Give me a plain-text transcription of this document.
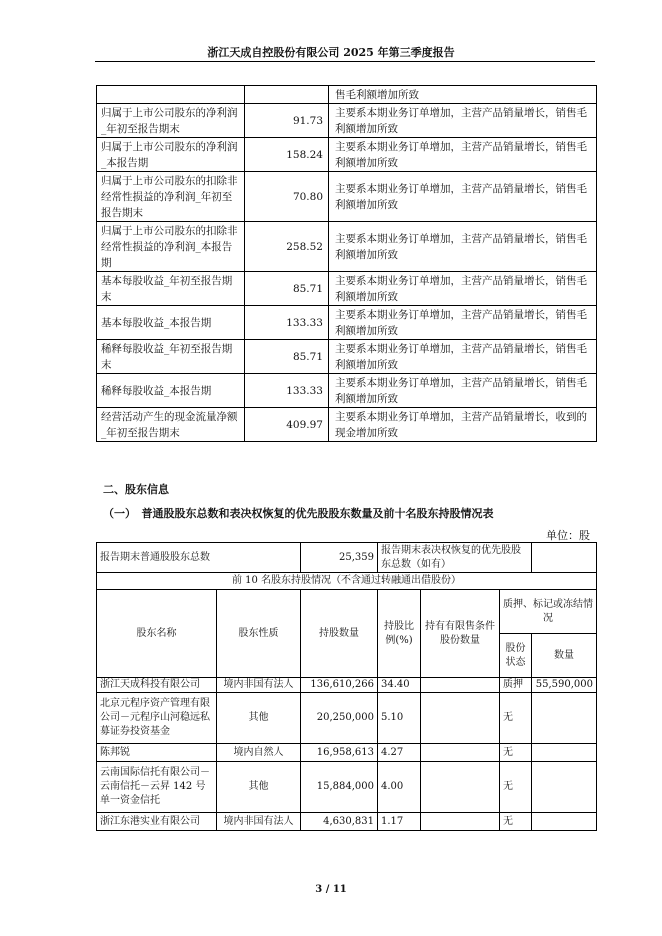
浙江天成自控股份有限公司 2025 年第三季度报告
		售毛利额增加所致
归属于上市公司股东的净利润_年初至报告期末	91.73	主要系本期业务订单增加，主营产品销量增长，销售毛利额增加所致
归属于上市公司股东的净利润_本报告期	158.24	主要系本期业务订单增加，主营产品销量增长，销售毛利额增加所致
归属于上市公司股东的扣除非经常性损益的净利润_年初至报告期末	70.80	主要系本期业务订单增加，主营产品销量增长，销售毛利额增加所致
归属于上市公司股东的扣除非经常性损益的净利润_本报告期	258.52	主要系本期业务订单增加，主营产品销量增长，销售毛利额增加所致
基本每股收益_年初至报告期末	85.71	主要系本期业务订单增加，主营产品销量增长，销售毛利额增加所致
基本每股收益_本报告期	133.33	主要系本期业务订单增加，主营产品销量增长，销售毛利额增加所致
稀释每股收益_年初至报告期末	85.71	主要系本期业务订单增加，主营产品销量增长，销售毛利额增加所致
稀释每股收益_本报告期	133.33	主要系本期业务订单增加，主营产品销量增长，销售毛利额增加所致
经营活动产生的现金流量净额_年初至报告期末	409.97	主要系本期业务订单增加，主营产品销量增长，收到的现金增加所致
二、股东信息
（一）　普通股股东总数和表决权恢复的优先股股东数量及前十名股东持股情况表
单位：股
报告期末普通股股东总数		25,359	报告期末表决权恢复的优先股股东总数（如有）			
前 10 名股东持股情况（不含通过转融通出借股份）						
股东名称	股东性质	持股数量	持股比例(%)	持有有限售条件股份数量	质押、标记或冻结情况	
					股份状态	数量
浙江天成科投有限公司	境内非国有法人	136,610,266	34.40		质押	55,590,000
北京元程序资产管理有限公司－元程序山河稳远私募证券投资基金	其他	20,250,000	5.10		无	
陈邦锐	境内自然人	16,958,613	4.27		无	
云南国际信托有限公司－云南信托－云昇 142 号单一资金信托	其他	15,884,000	4.00		无	
浙江东港实业有限公司	境内非国有法人	4,630,831	1.17		无	
3 / 11
